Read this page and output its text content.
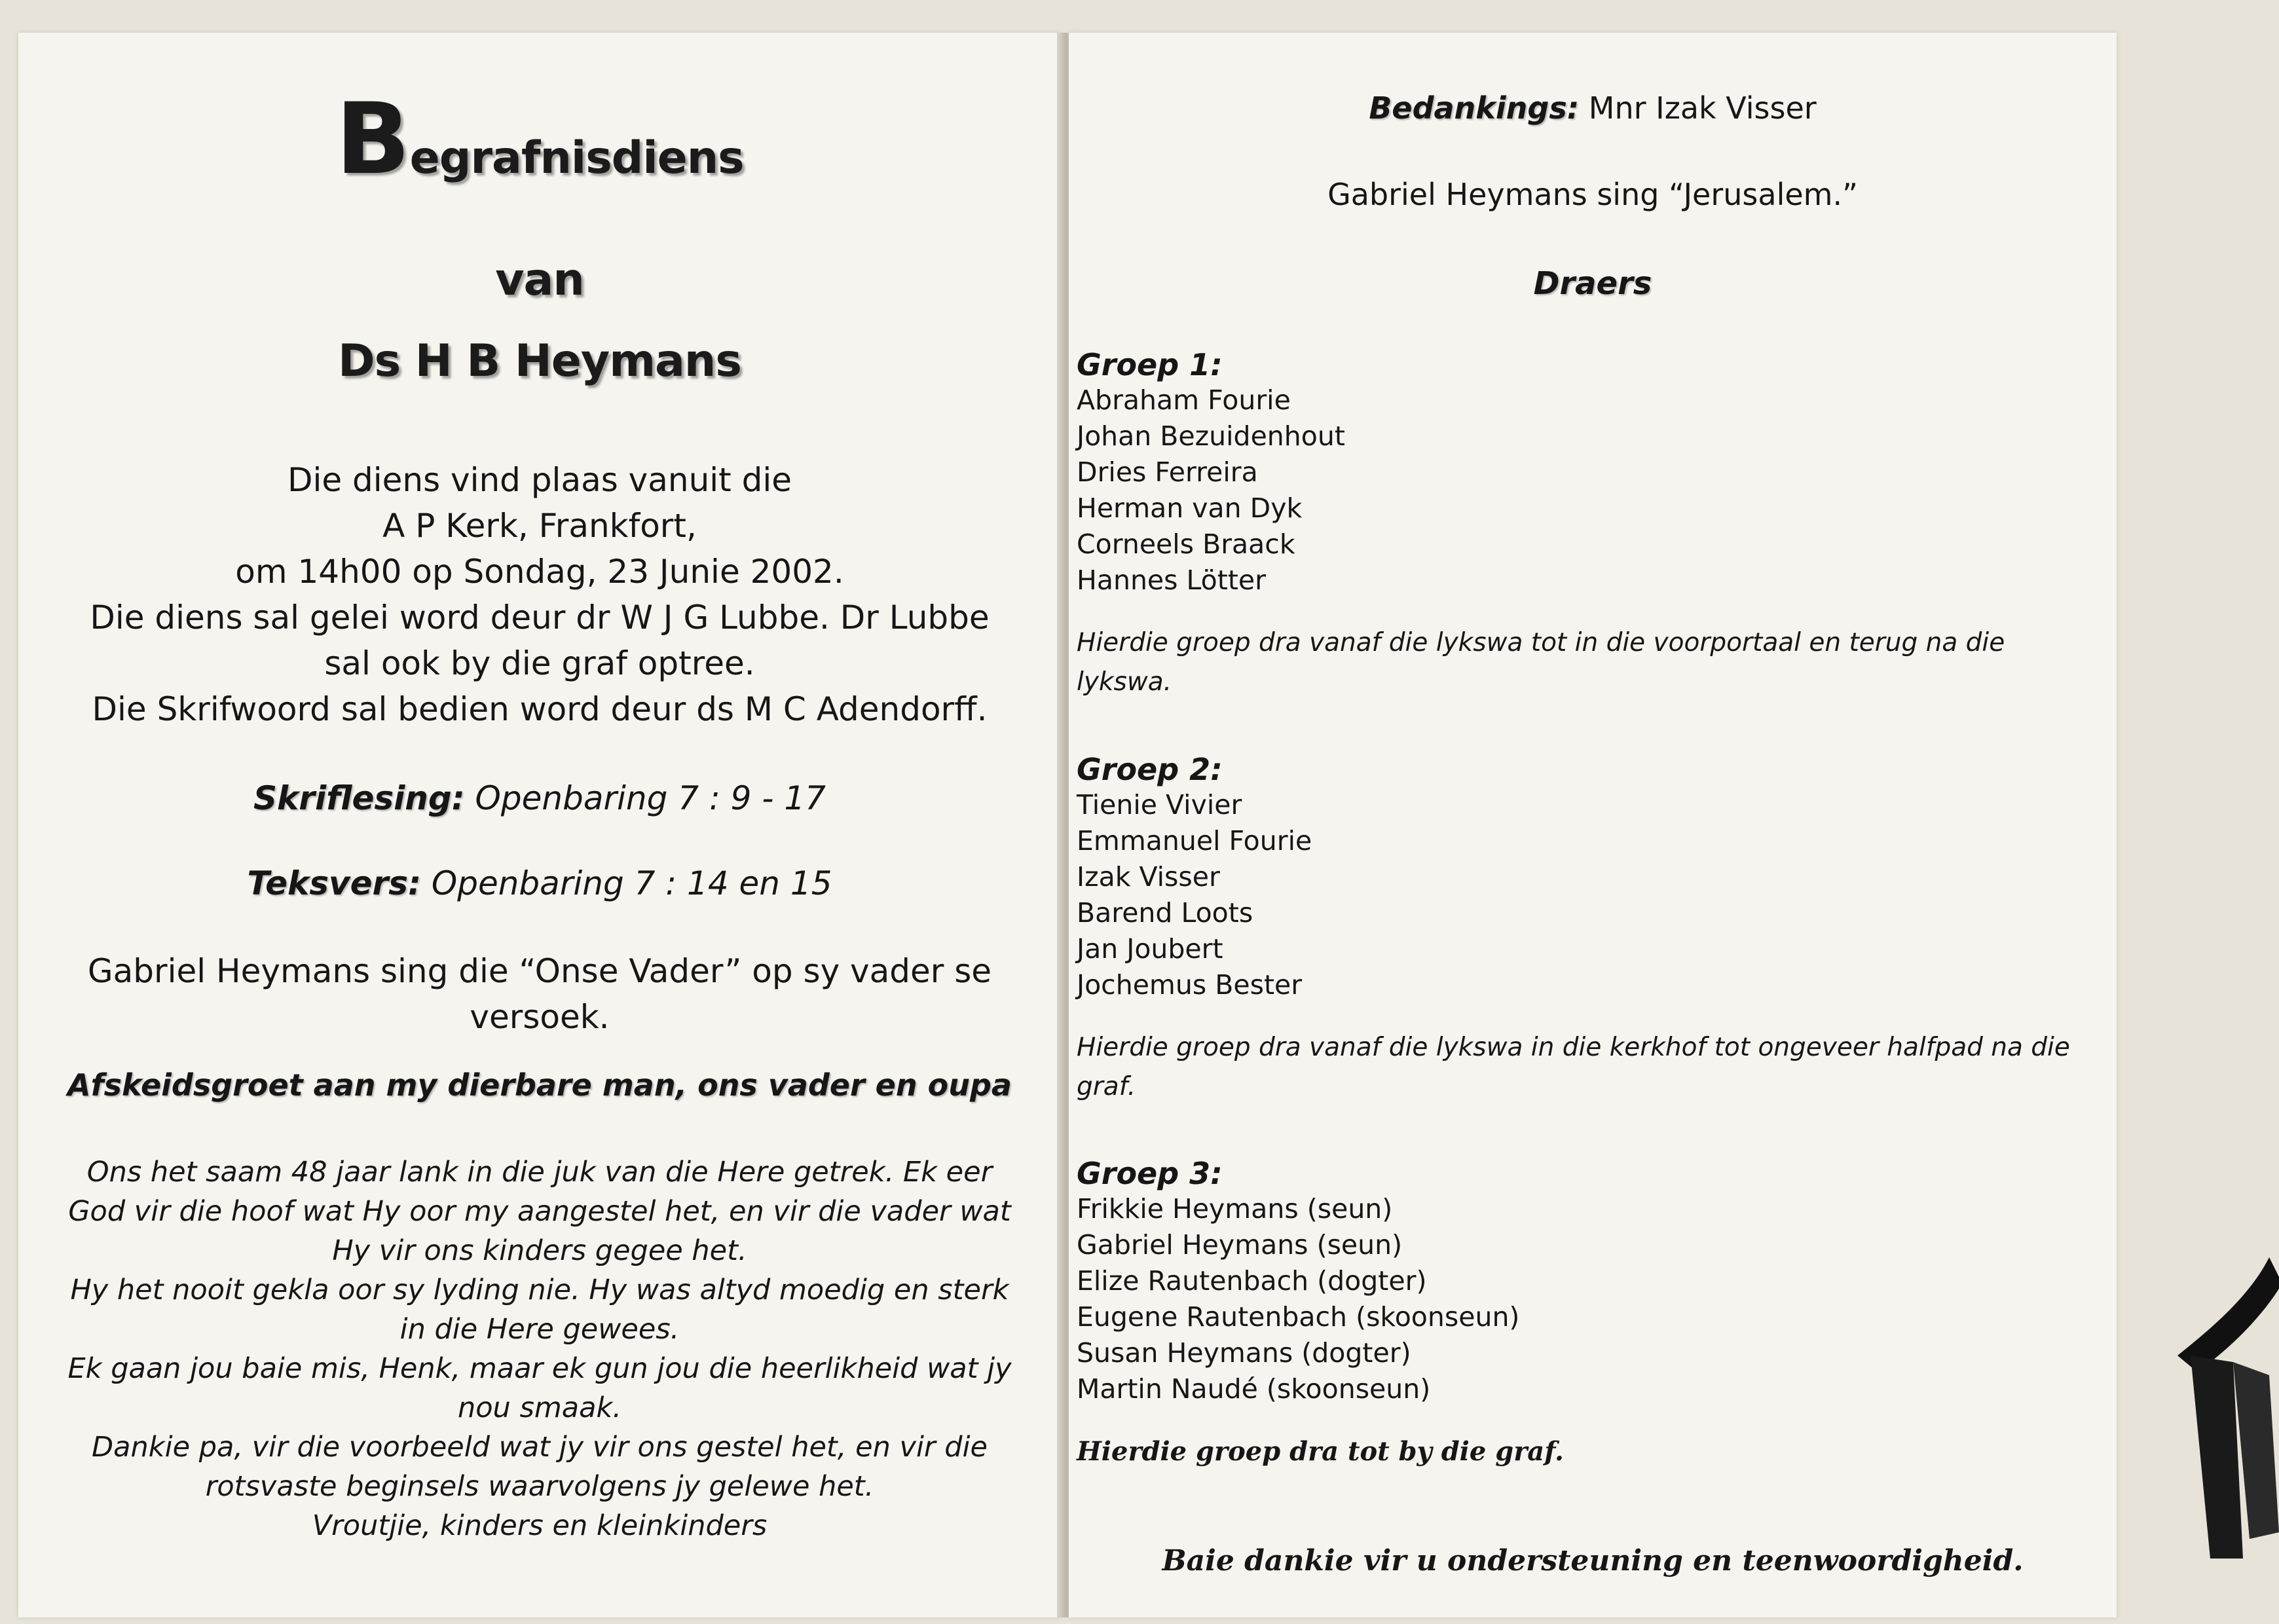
Begrafnisdiens
van
Ds H B Heymans
Die diens vind plaas vanuit die
A P Kerk, Frankfort,
om 14h00 op Sondag, 23 Junie 2002.
Die diens sal gelei word deur dr W J G Lubbe. Dr Lubbe
sal ook by die graf optree.
Die Skrifwoord sal bedien word deur ds M C Adendorff.
Skriflesing: Openbaring 7 : 9 - 17
Teksvers: Openbaring 7 : 14 en 15
Gabriel Heymans sing die “Onse Vader” op sy vader se
versoek.
Afskeidsgroet aan my dierbare man, ons vader en oupa
Ons het saam 48 jaar lank in die juk van die Here getrek. Ek eer
God vir die hoof wat Hy oor my aangestel het, en vir die vader wat
Hy vir ons kinders gegee het.
Hy het nooit gekla oor sy lyding nie. Hy was altyd moedig en sterk
in die Here gewees.
Ek gaan jou baie mis, Henk, maar ek gun jou die heerlikheid wat jy
nou smaak.
Dankie pa, vir die voorbeeld wat jy vir ons gestel het, en vir die
rotsvaste beginsels waarvolgens jy gelewe het.
Vroutjie, kinders en kleinkinders
Bedankings: Mnr Izak Visser
Gabriel Heymans sing “Jerusalem.”
Draers
Groep 1:
Abraham Fourie
Johan Bezuidenhout
Dries Ferreira
Herman van Dyk
Corneels Braack
Hannes Lötter
Hierdie groep dra vanaf die lykswa tot in die voorportaal en terug na die lykswa.
Groep 2:
Tienie Vivier
Emmanuel Fourie
Izak Visser
Barend Loots
Jan Joubert
Jochemus Bester
Hierdie groep dra vanaf die lykswa in die kerkhof tot ongeveer halfpad na die graf.
Groep 3:
Frikkie Heymans (seun)
Gabriel Heymans (seun)
Elize Rautenbach (dogter)
Eugene Rautenbach (skoonseun)
Susan Heymans (dogter)
Martin Naudé (skoonseun)
Hierdie groep dra tot by die graf.
Baie dankie vir u ondersteuning en teenwoordigheid.
